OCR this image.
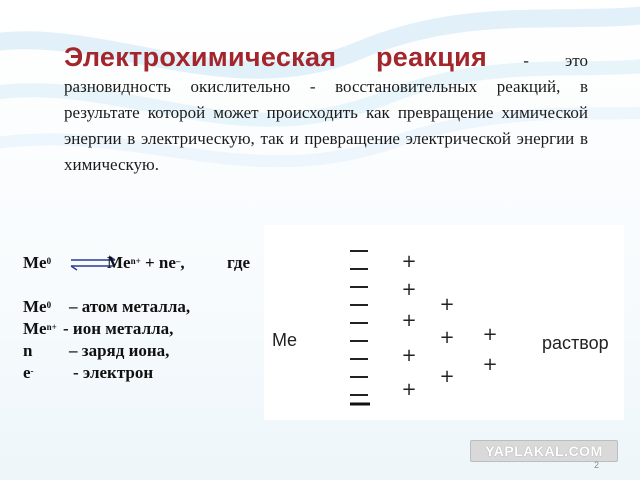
Электрохимическая реакция - это разновидность окислительно - восстановительных реакций, в результате которой может происходить как превращение химической энергии в электрическую, так и превращение электрической энергии в химическую.

Me$^0$ ⇌
$Me^{n+} + ne^-$, где
Me$^0$ – атом металла,
$Me^{n+}$ - ион металла,
n – заряд иона,
e- - электрон
+
+
+
+
+
+
+
+
+
+
Me	раствор
YAPLAKAL.COM
2
